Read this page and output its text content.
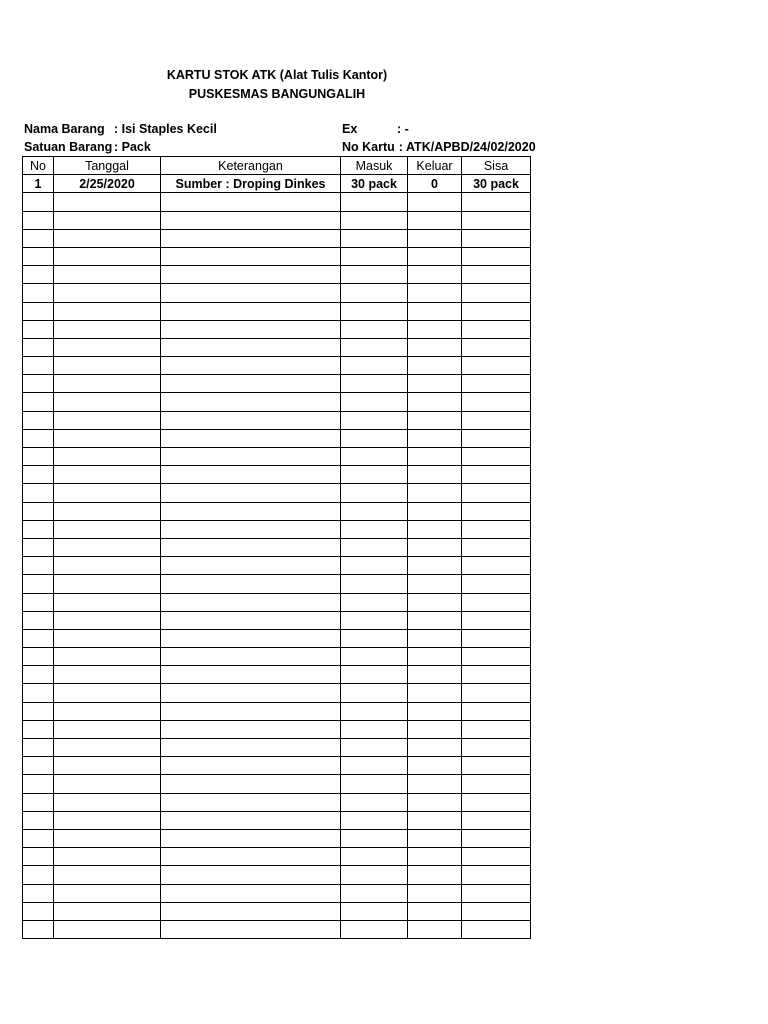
KARTU STOK ATK (Alat Tulis Kantor)
PUSKESMAS BANGUNGALIH
Nama Barang : Isi Staples Kecil
Satuan Barang : Pack
Ex	: -
No Kartu : ATK/APBD/24/02/2020
No	Tanggal	Keterangan	Masuk	Keluar	Sisa
1	2/25/2020	Sumber : Droping Dinkes	30 pack	0	30 pack
